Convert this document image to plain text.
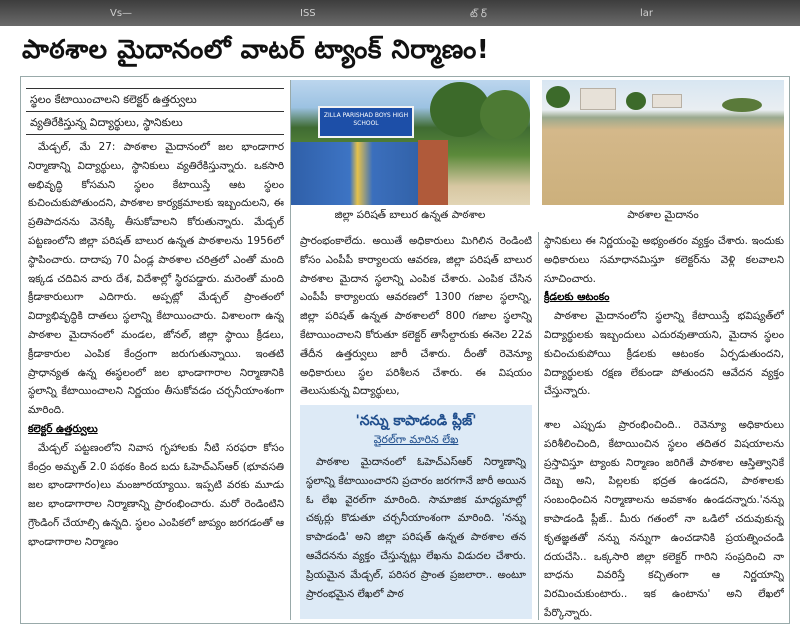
Vs—	ISS	ట్ ర్	lar
పాఠశాల మైదానంలో వాటర్ ట్యాంక్ నిర్మాణం!
స్థలం కేటాయించాలని కలెక్టర్ ఉత్తర్వులు
వ్యతిరేకిస్తున్న విద్యార్థులు, స్థానికులు
ZILLA PARISHAD BOYS HIGH SCHOOL
జిల్లా పరిషత్ బాలుర ఉన్నత పాఠశాల	పాఠశాల మైదానం

మేడ్చల్, మే 27: పాఠశాల మైదానంలో జల భాండాగార నిర్మాణాన్ని విద్యార్థులు, స్థానికులు వ్యతిరేకిస్తున్నారు. ఒకసారి అభివృద్ధి కోసమని స్థలం కేటాయిస్తే ఆట స్థలం కుచించుకుపోతుందని, పాఠశాల కార్యక్రమాలకు ఇబ్బందులని, ఈ ప్రతిపాదనను వెనక్కి తీసుకోవాలని కోరుతున్నారు. మేడ్చల్ పట్టణంలోని జిల్లా పరిషత్ బాలుర ఉన్నత పాఠశాలను 1956లో స్థాపించారు. దాదాపు 70 ఏండ్ల పాఠశాల చరిత్రలో ఎంతో మంది ఇక్కడ చదివిన వారు దేశ, విదేశాల్లో స్థిరపడ్డారు. మరెంతో మంది క్రీడాకారులుగా ఎదిగారు. అప్పట్లో మేడ్చల్ ప్రాంతంలో విద్యాభివృద్ధికి దాతలు స్థలాన్ని కేటాయించారు. విశాలంగా ఉన్న పాఠశాల మైదానంలో మండల, జోనల్, జిల్లా స్థాయి క్రీడలు, క్రీడాకారుల ఎంపిక కేంద్రంగా జరుగుతున్నాయి. ఇంతటి ప్రాధాన్యత ఉన్న ఈస్థలంలో జల భాండాగారాల నిర్మాణానికి స్థలాన్ని కేటాయించాలని నిర్ణయం తీసుకోవడం చర్చనీయాంశంగా మారింది.

కలెక్టర్ ఉత్తర్వులు

మేడ్చల్ పట్టణంలోని నివాస గృహాలకు నీటి సరఫరా కోసం కేంద్రం అమృత్ 2.0 పథకం కింద బదు ఓహెచ్ఎస్ఆర్ (భూవసతి జల భాండాగారం)లు మంజూరయ్యాయి. ఇప్పటి వరకు మూడు జల భాండాగారాల నిర్మాణాన్ని ప్రారంభించారు. మరో రెండింటిని గ్రౌండింగ్ చేయాల్సి ఉన్నది. స్థలం ఎంపికలో జాప్యం జరగడంతో ఆ భాండాగారాల నిర్మాణం

ప్రారంభంకాలేదు. అయితే అధికారులు మిగిలిన రెండింటి కోసం ఎంపీపీ కార్యాలయ ఆవరణ, జిల్లా పరిషత్ బాలుర పాఠశాల మైదాన స్థలాన్ని ఎంపిక చేశారు. ఎంపిక చేసిన ఎంపీపీ కార్యాలయ ఆవరణలో 1300 గజాల స్థలాన్ని, జిల్లా పరిషత్ ఉన్నత పాఠశాలలో 800 గజాల స్థలాన్ని కేటాయించాలని కోరుతూ కలెక్టర్ తాసీల్దారుకు ఈనెల 22వ తేదీన ఉత్తర్వులు జారీ చేశారు. దీంతో రెవెన్యూ అధికారులు స్థల పరిశీలన చేశారు. ఈ విషయం తెలుసుకున్న విద్యార్థులు,

'నన్ను కాపాడండి ప్లీజ్'
వైరల్‌గా మారిన లేఖ

పాఠశాల మైదానంలో ఓహెచ్ఎస్ఆర్ నిర్మాణాన్ని స్థలాన్ని కేటాయించారని ప్రచారం జరగగానే జారీ అయిన ఓ లేఖ వైరల్‌గా మారింది. సామాజిక మాధ్యమాల్లో చక్కర్లు కొడుతూ చర్చనీయాంశంగా మారింది. 'నన్ను కాపాడండి' అని జిల్లా పరిషత్ ఉన్నత పాఠశాల తన ఆవేదనను వ్యక్తం చేస్తున్నట్లు లేఖను విడుదల చేశారు. ప్రియమైన మేడ్చల్, పరిసర ప్రాంత ప్రజలారా.. అంటూ ప్రారంభమైన లేఖలో పాఠ

స్థానికులు ఈ నిర్ణయంపై అభ్యంతరం వ్యక్తం చేశారు. ఇందుకు అధికారులు సమాధానమిస్తూ కలెక్టర్‌ను వెళ్లి కలవాలని సూచించారు.

క్రీడలకు ఆటంకం

పాఠశాల మైదానంలోని స్థలాన్ని కేటాయిస్తే భవిష్యత్‌లో విద్యార్థులకు ఇబ్బందులు ఎదురవుతాయని, మైదాన స్థలం కుచించుకుపోయి క్రీడలకు ఆటంకం ఏర్పడుతుందని, విద్యార్థులకు రక్షణ లేకుండా పోతుందని ఆవేదన వ్యక్తం చేస్తున్నారు.

శాల ఎప్పుడు ప్రారంభించింది.. రెవెన్యూ అధికారులు పరిశీలించింది, కేటాయించిన స్థలం తదితర విషయాలను ప్రస్తావిస్తూ ట్యాంకు నిర్మాణం జరిగితే పాఠశాల ఆస్తిత్వానికే దెబ్బ అని, పిల్లలకు భద్రత ఉండదని, పాఠశాలకు సంబంధించిన నిర్మాణాలను అవకాశం ఉండదన్నారు.'నన్ను కాపాడండి ప్లీజ్.. మీరు గతంలో నా ఒడిలో చదువుకున్న కృతజ్ఞతతో నన్ను నన్నుగా ఉంచడానికి ప్రయత్నించండి దయచేసి.. ఒక్కసారి జిల్లా కలెక్టర్ గారిని సంప్రదించి నా బాధను వివరిస్తే కచ్చితంగా ఆ నిర్ణయాన్ని విరమించుకుంటారు.. ఇక ఉంటాను' అని లేఖలో పేర్కొన్నారు.
